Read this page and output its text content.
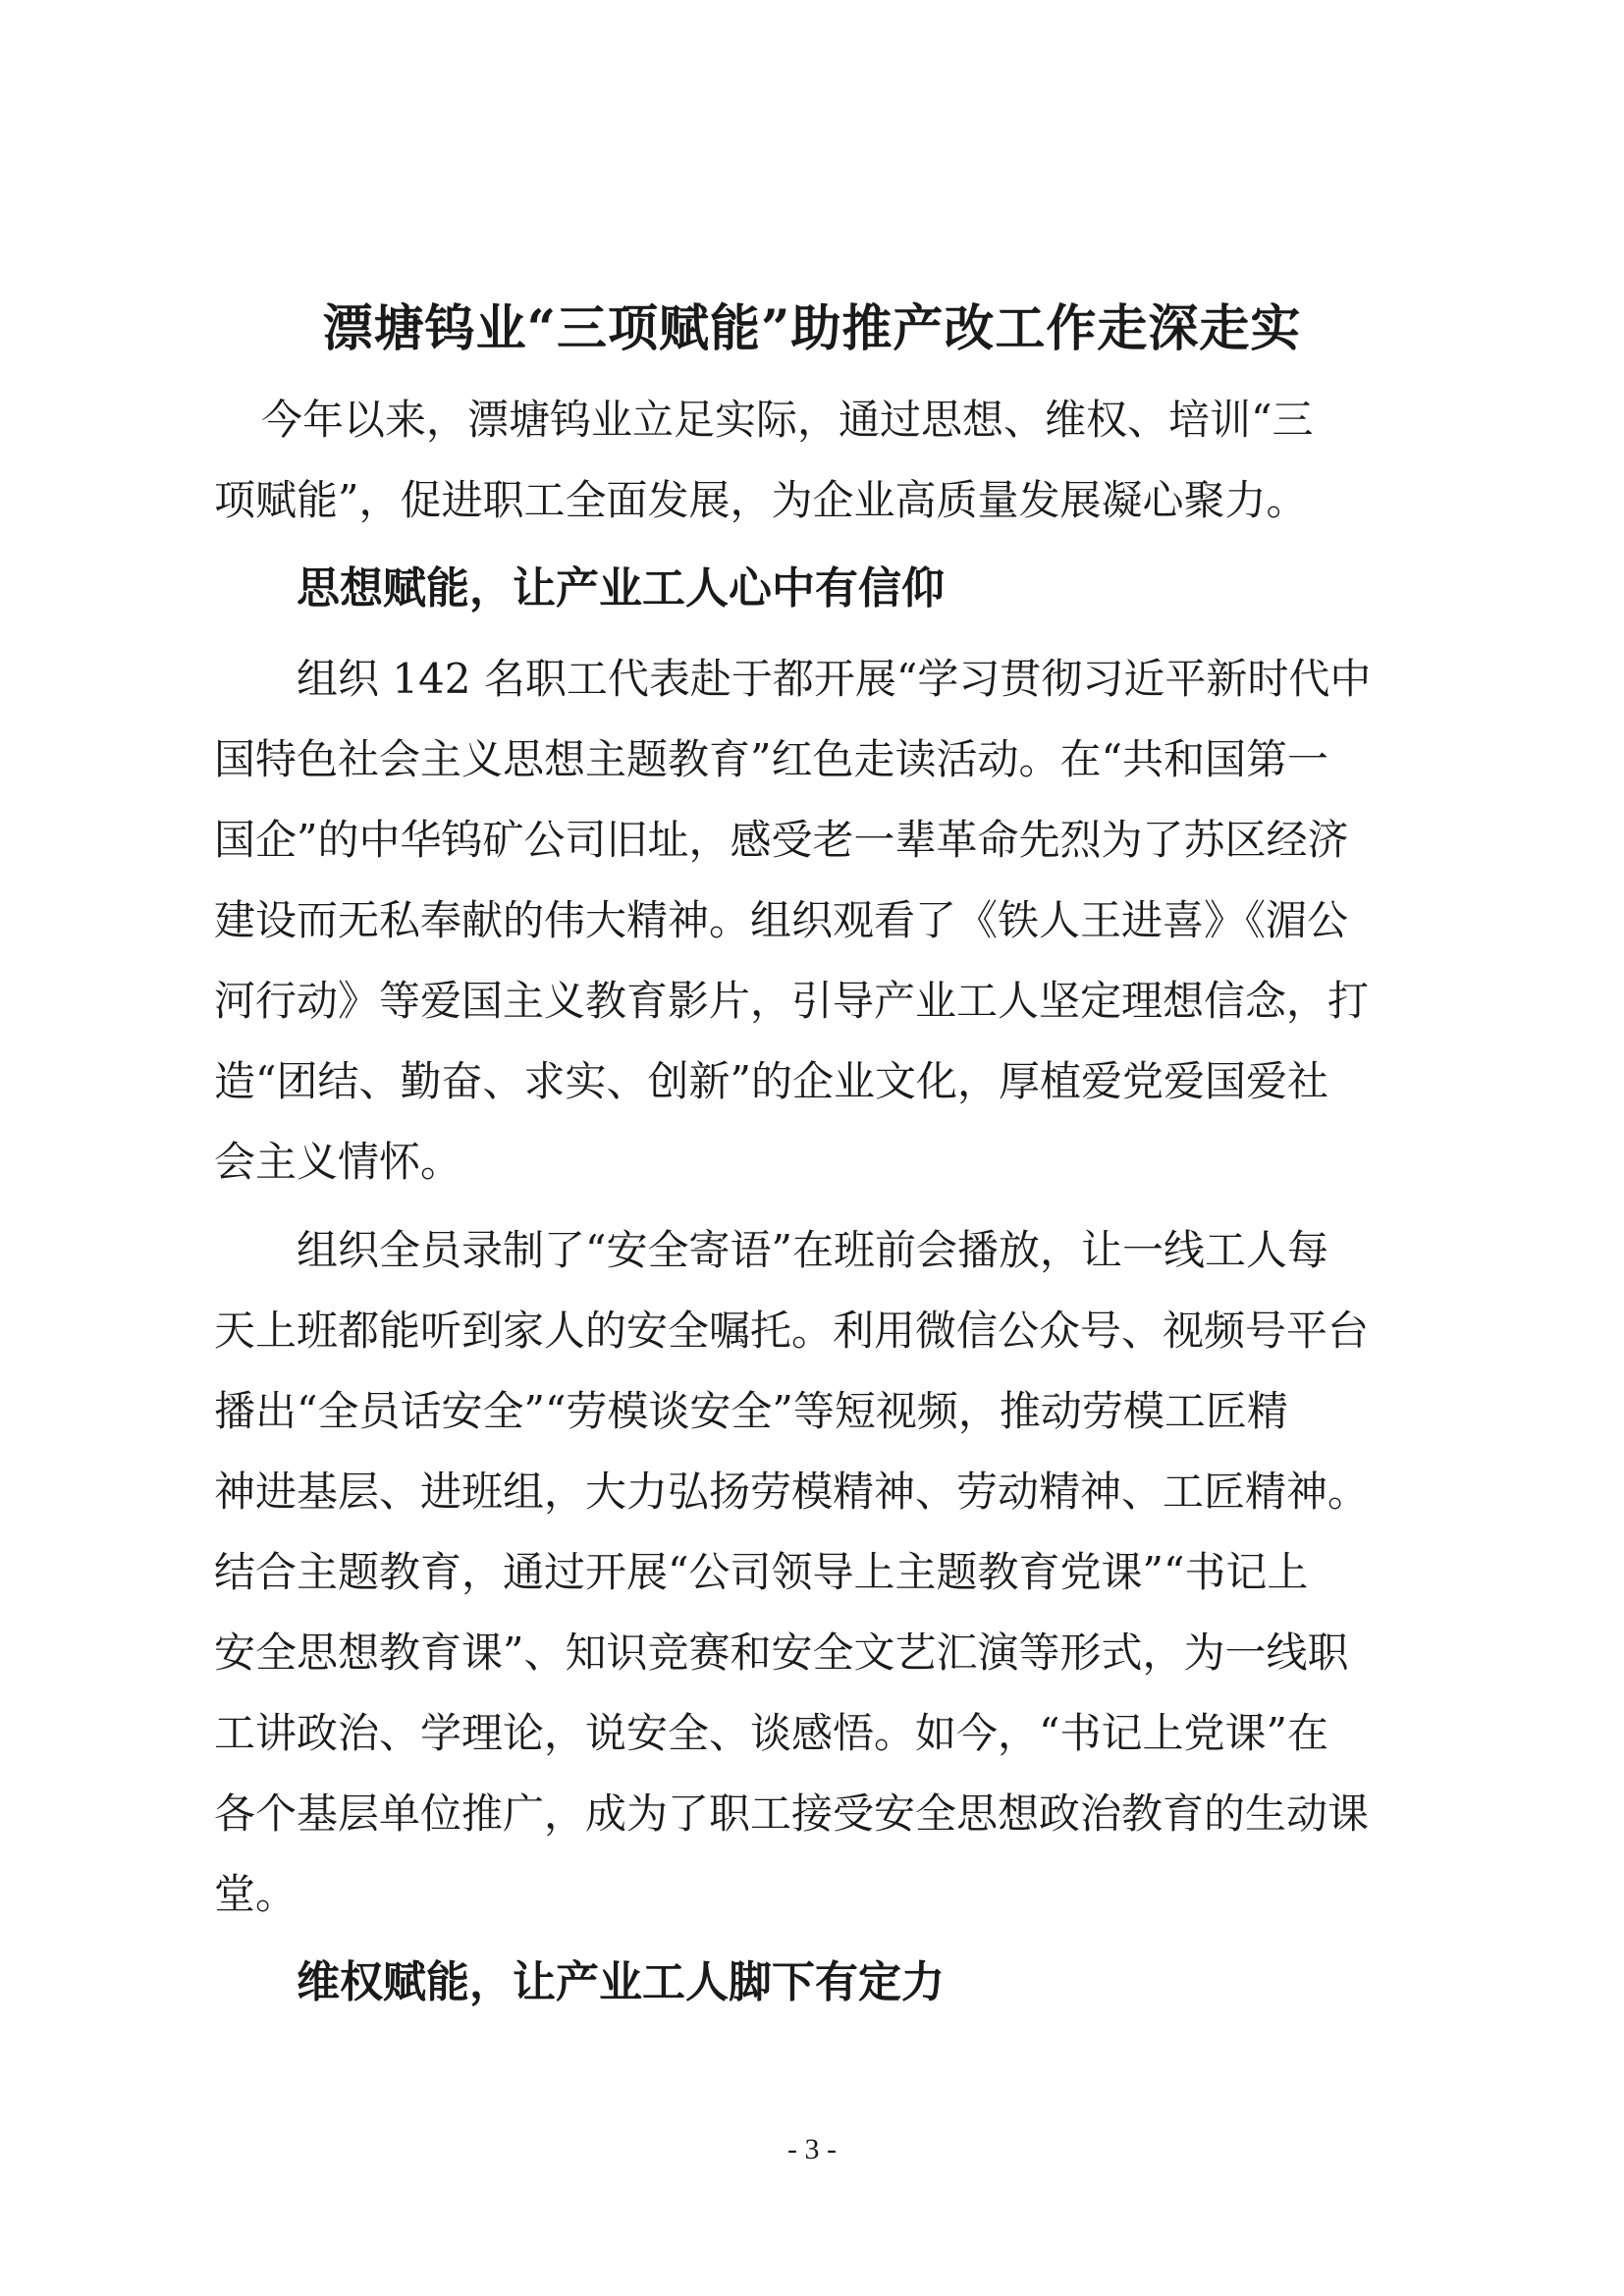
漂塘钨业“三项赋能”助推产改工作走深走实
今年以来，漂塘钨业立足实际，通过思想、维权、培训“三
项赋能”，促进职工全面发展，为企业高质量发展凝心聚力。
思想赋能，让产业工人心中有信仰
组织 142 名职工代表赴于都开展“学习贯彻习近平新时代中
国特色社会主义思想主题教育”红色走读活动。在“共和国第一
国企”的中华钨矿公司旧址，感受老一辈革命先烈为了苏区经济
建设而无私奉献的伟大精神。组织观看了《铁人王进喜》《湄公
河行动》等爱国主义教育影片，引导产业工人坚定理想信念，打
造“团结、勤奋、求实、创新”的企业文化，厚植爱党爱国爱社
会主义情怀。
组织全员录制了“安全寄语”在班前会播放，让一线工人每
天上班都能听到家人的安全嘱托。利用微信公众号、视频号平台
播出“全员话安全”“劳模谈安全”等短视频，推动劳模工匠精
神进基层、进班组，大力弘扬劳模精神、劳动精神、工匠精神。
结合主题教育，通过开展“公司领导上主题教育党课”“书记上
安全思想教育课”、知识竞赛和安全文艺汇演等形式，为一线职
工讲政治、学理论，说安全、谈感悟。如今，“书记上党课”在
各个基层单位推广，成为了职工接受安全思想政治教育的生动课
堂。
维权赋能，让产业工人脚下有定力
- 3 -
